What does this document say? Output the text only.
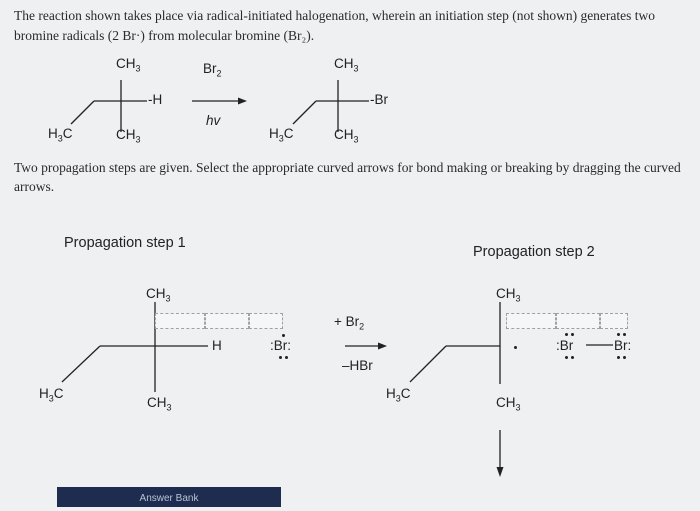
The reaction shown takes place via radical-initiated halogenation, wherein an initiation step (not shown) generates two bromine radicals (2 Br·) from molecular bromine (Br₂).
$CH_3$
-H
$H_3C$	$CH_3$
$Br_2$
hv
$CH_3$
-Br
$H_3C$	$CH_3$
Two propagation steps are given. Select the appropriate curved arrows for bond making or breaking by dragging the curved arrows.
Propagation step 1
Propagation step 2
$CH_3$
H
$H_3C$
$CH_3$
:Br:
+ $Br_2$
–HBr
$CH_3$
$H_3C$
$CH_3$
:Br	Br:
Answer Bank
